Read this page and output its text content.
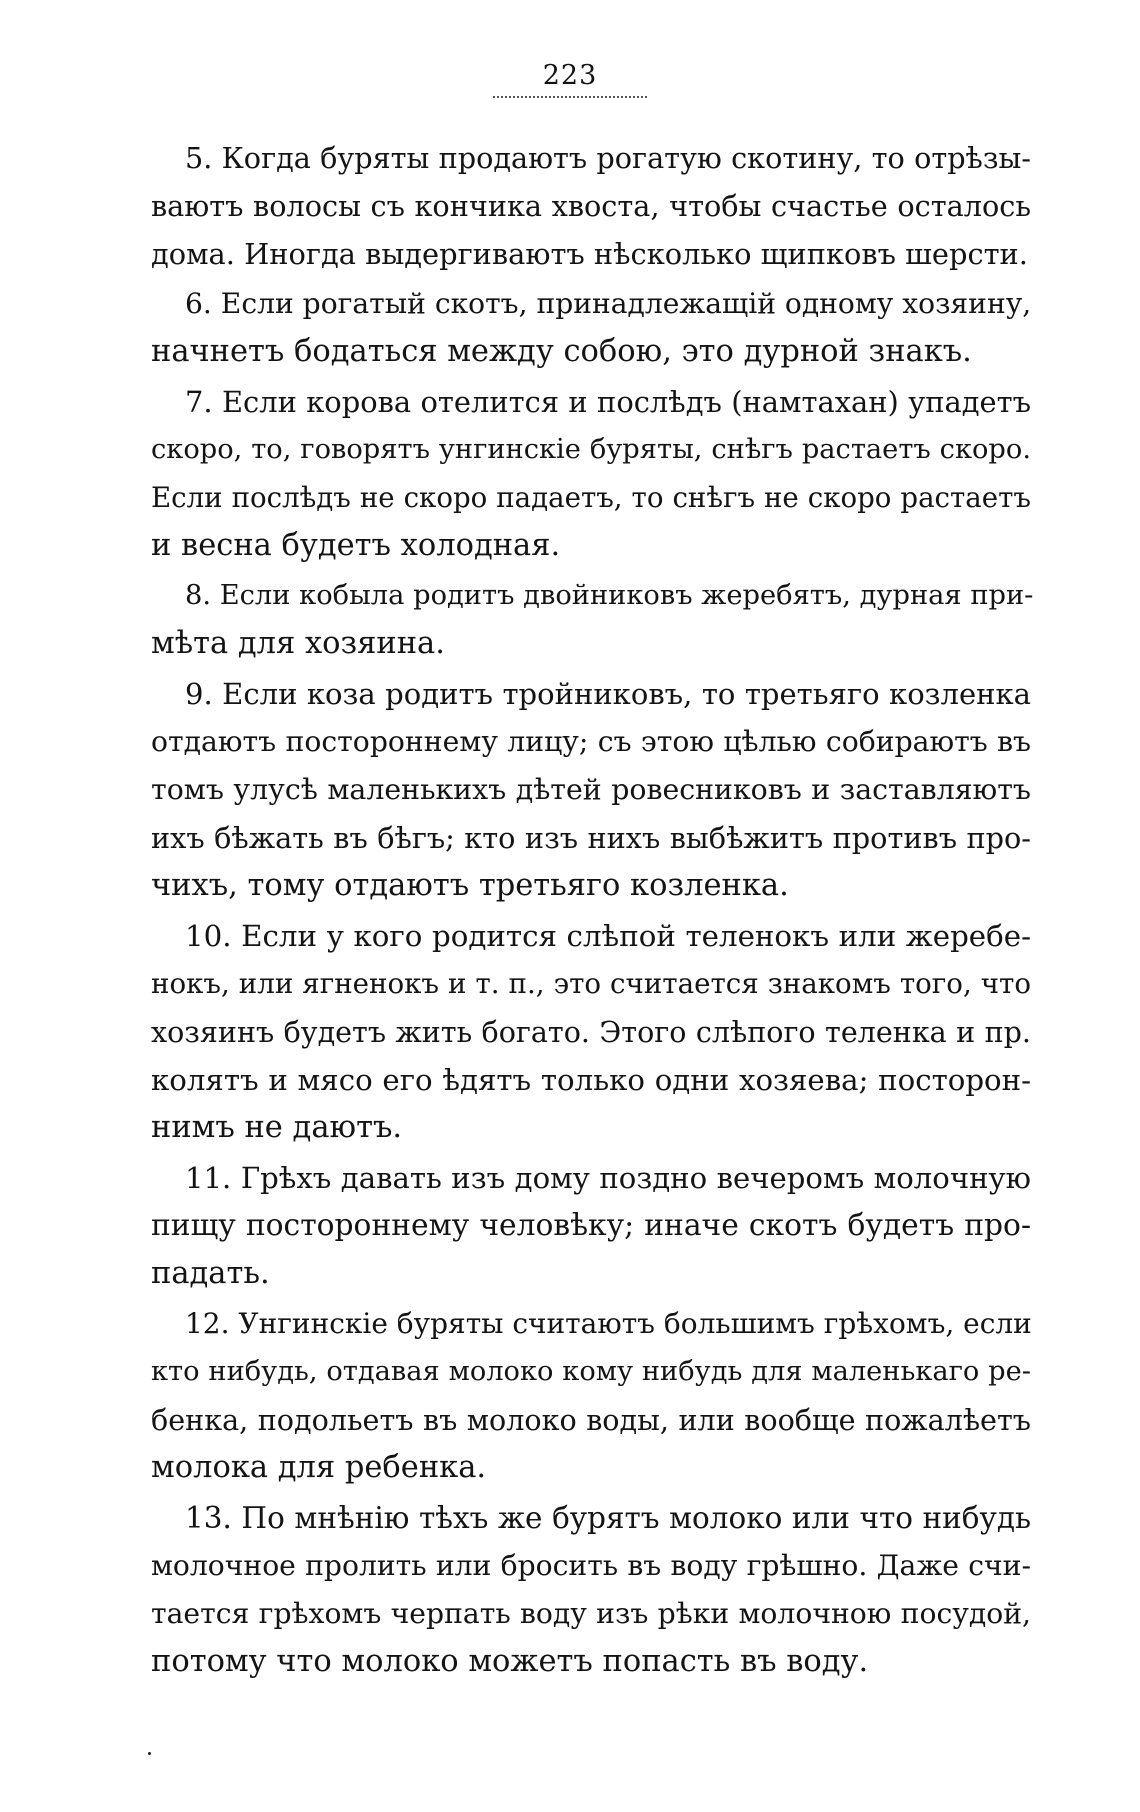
223

5. Когда буряты продаютъ рогатую скотину, то отрѣзы-
ваютъ волосы съ кончика хвоста, чтобы счастье осталось
дома. Иногда выдергиваютъ нѣсколько щипковъ шерсти.

6. Если рогатый скотъ, принадлежащій одному хозяину,
начнетъ бодаться между собою, это дурной знакъ.

7. Если корова отелится и послѣдъ (намтахан) упадетъ
скоро, то, говорятъ унгинскіе буряты, снѣгъ растаетъ скоро.
Если послѣдъ не скоро падаетъ, то снѣгъ не скоро растаетъ
и весна будетъ холодная.

8. Если кобыла родитъ двойниковъ жеребятъ, дурная при-
мѣта для хозяина.

9. Если коза родитъ тройниковъ, то третьяго козленка
отдаютъ постороннему лицу; съ этою цѣлью собираютъ въ
томъ улусѣ маленькихъ дѣтей ровесниковъ и заставляютъ
ихъ бѣжать въ бѣгъ; кто изъ нихъ выбѣжитъ противъ про-
чихъ, тому отдаютъ третьяго козленка.

10. Если у кого родится слѣпой теленокъ или жеребе-
нокъ, или ягненокъ и т. п., это считается знакомъ того, что
хозяинъ будетъ жить богато. Этого слѣпого теленка и пр.
колятъ и мясо его ѣдятъ только одни хозяева; посторон-
нимъ не даютъ.

11. Грѣхъ давать изъ дому поздно вечеромъ молочную
пищу постороннему человѣку; иначе скотъ будетъ про-
падать.

12. Унгинскіе буряты считаютъ большимъ грѣхомъ, если
кто нибудь, отдавая молоко кому нибудь для маленькаго ре-
бенка, подольетъ въ молоко воды, или вообще пожалѣетъ
молока для ребенка.

13. По мнѣнію тѣхъ же бурятъ молоко или что нибудь
молочное пролить или бросить въ воду грѣшно. Даже счи-
тается грѣхомъ черпать воду изъ рѣки молочною посудой,
потому что молоко можетъ попасть въ воду.
